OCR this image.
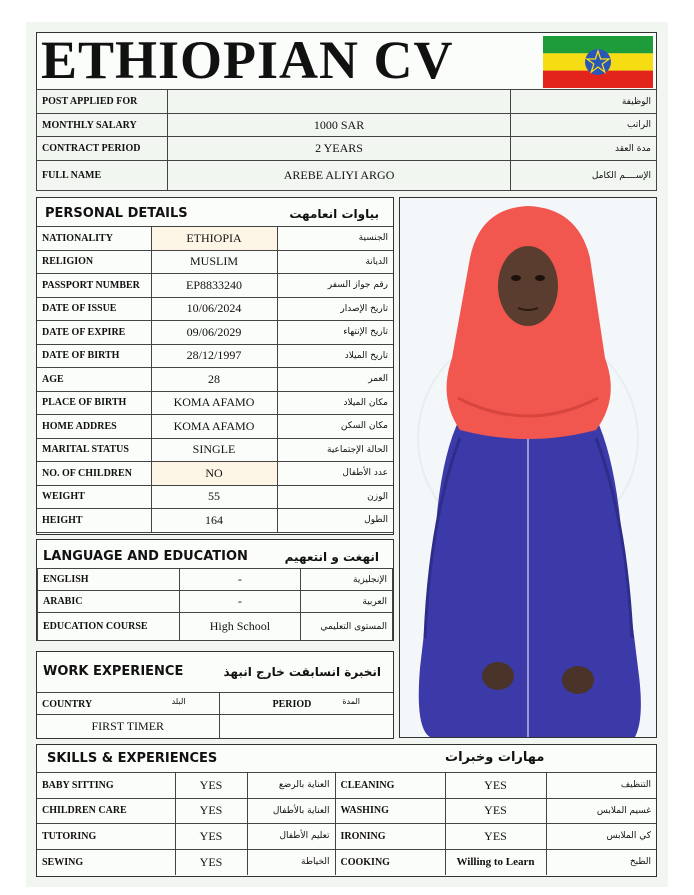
ETHIOPIAN CV
POST APPLIED FOR		الوظيفة
MONTHLY SALARY	1000 SAR	الراتب
CONTRACT PERIOD	2 YEARS	مدة العقد
FULL NAME	AREBE ALIYI ARGO	الإســــم الكامل
PERSONAL DETAILS	بياوات انعامهت
NATIONALITY	ETHIOPIA	الجنسية
RELIGION	MUSLIM	الديانة
PASSPORT NUMBER	EP8833240	رقم جواز السفر
DATE OF ISSUE	10/06/2024	تاريخ الإصدار
DATE OF EXPIRE	09/06/2029	تاريخ الإنتهاء
DATE OF BIRTH	28/12/1997	تاريخ الميلاد
AGE	28	العمر
PLACE OF BIRTH	KOMA AFAMO	مكان الميلاد
HOME ADDRES	KOMA AFAMO	مكان السكن
MARITAL STATUS	SINGLE	الحالة الإجتماعية
NO. OF CHILDREN	NO	عدد الأطفال
WEIGHT	55	الوزن
HEIGHT	164	الطول
LANGUAGE AND EDUCATION	انهغت و انتعهيم
ENGLISH	-	الإنجليزية
ARABIC	-	العربية
EDUCATION COURSE	High School	المستوى التعليمي
WORK EXPERIENCE	انخبرة انسابقت خارج انبهذ
COUNTRY البلد	PERIOD المدة

FIRST TIMER	
SKILLS & EXPERIENCES	مهارات وخبرات
BABY SITTING	YES	العناية بالرضع	CLEANING	YES	التنظيف
CHILDREN CARE	YES	العناية بالأطفال	WASHING	YES	غسيم الملابس
TUTORING	YES	تعليم الأطفال	IRONING	YES	كي الملابس
SEWING	YES	الخياطة	COOKING	Willing to Learn	الطبخ
